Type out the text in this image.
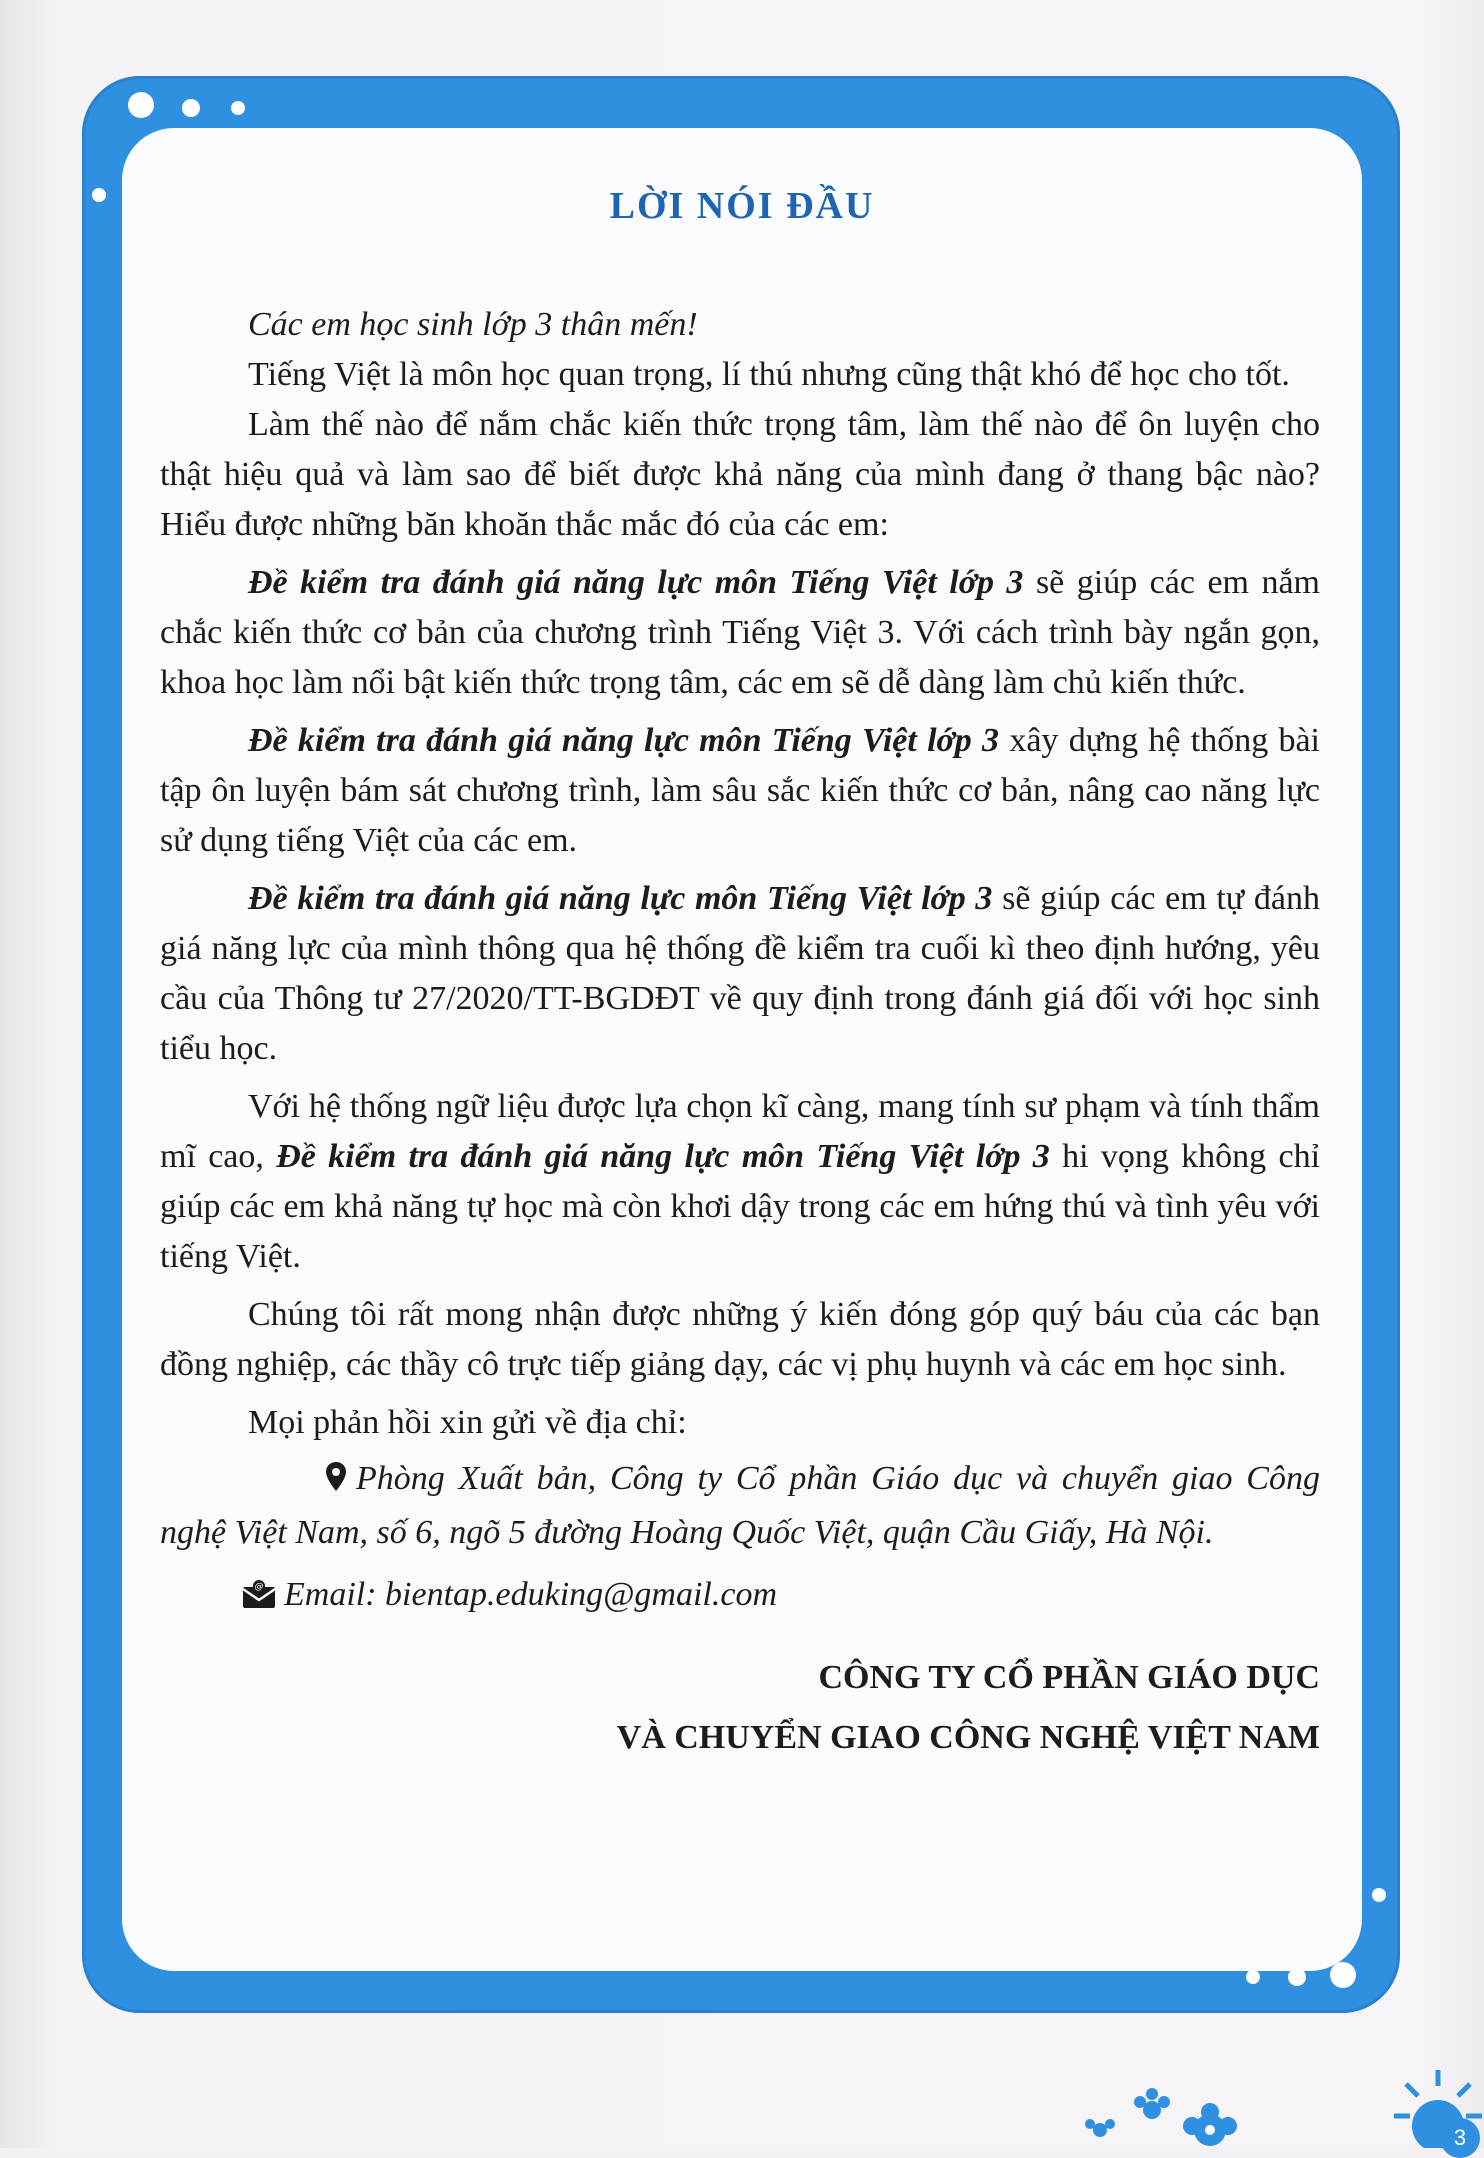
LỜI NÓI ĐẦU

Các em học sinh lớp 3 thân mến!

Tiếng Việt là môn học quan trọng, lí thú nhưng cũng thật khó để học cho tốt.

Làm thế nào để nắm chắc kiến thức trọng tâm, làm thế nào để ôn luyện cho thật hiệu quả và làm sao để biết được khả năng của mình đang ở thang bậc nào? Hiểu được những băn khoăn thắc mắc đó của các em:

Đề kiểm tra đánh giá năng lực môn Tiếng Việt lớp 3 sẽ giúp các em nắm chắc kiến thức cơ bản của chương trình Tiếng Việt 3. Với cách trình bày ngắn gọn, khoa học làm nổi bật kiến thức trọng tâm, các em sẽ dễ dàng làm chủ kiến thức.

Đề kiểm tra đánh giá năng lực môn Tiếng Việt lớp 3 xây dựng hệ thống bài tập ôn luyện bám sát chương trình, làm sâu sắc kiến thức cơ bản, nâng cao năng lực sử dụng tiếng Việt của các em.

Đề kiểm tra đánh giá năng lực môn Tiếng Việt lớp 3 sẽ giúp các em tự đánh giá năng lực của mình thông qua hệ thống đề kiểm tra cuối kì theo định hướng, yêu cầu của Thông tư 27/2020/TT-BGDĐT về quy định trong đánh giá đối với học sinh tiểu học.

Với hệ thống ngữ liệu được lựa chọn kĩ càng, mang tính sư phạm và tính thẩm mĩ cao, Đề kiểm tra đánh giá năng lực môn Tiếng Việt lớp 3 hi vọng không chỉ giúp các em khả năng tự học mà còn khơi dậy trong các em hứng thú và tình yêu với tiếng Việt.

Chúng tôi rất mong nhận được những ý kiến đóng góp quý báu của các bạn đồng nghiệp, các thầy cô trực tiếp giảng dạy, các vị phụ huynh và các em học sinh.

Mọi phản hồi xin gửi về địa chỉ:

Phòng Xuất bản, Công ty Cổ phần Giáo dục và chuyển giao Công nghệ Việt Nam, số 6, ngõ 5 đường Hoàng Quốc Việt, quận Cầu Giấy, Hà Nội.

@ Email: bientap.eduking@gmail.com

CÔNG TY CỔ PHẦN GIÁO DỤC
VÀ CHUYỂN GIAO CÔNG NGHỆ VIỆT NAM

3
